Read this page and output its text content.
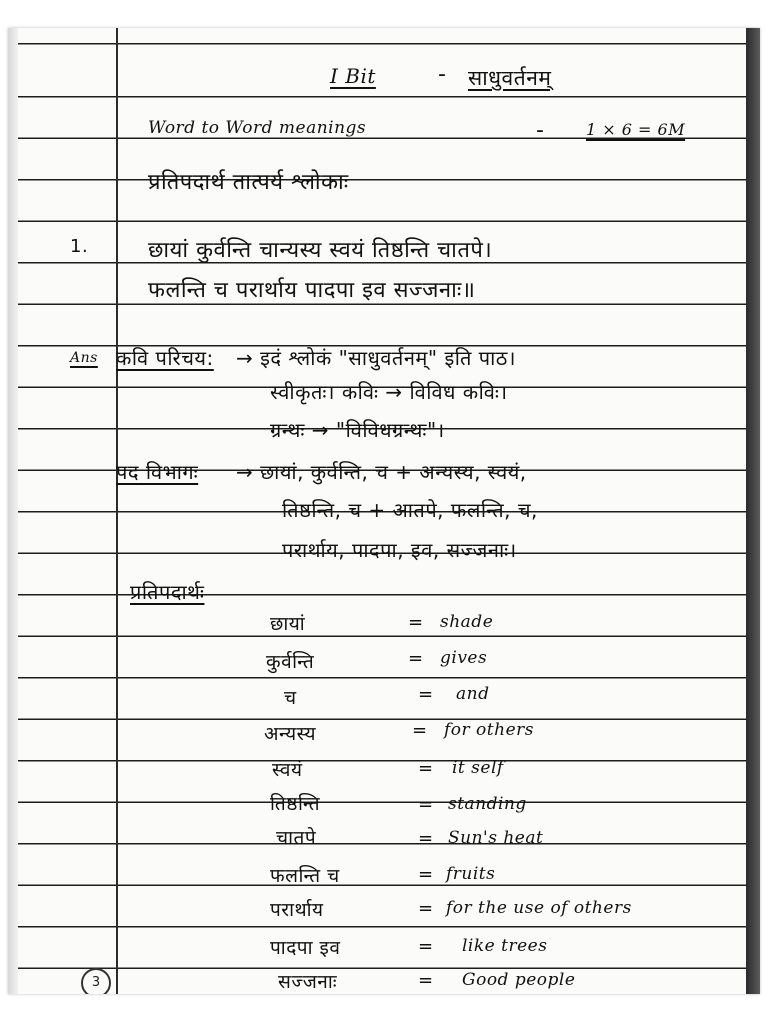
I Bit	- साधुवर्तनम्
Word to Word meanings	-	1 × 6 = 6M
प्रतिपदार्थ तात्पर्य श्लोकाः
1.	छायां कुर्वन्ति चान्यस्य स्वयं तिष्ठन्ति चातपे।
फलन्ति च परार्थाय पादपा इव सज्जनाः॥
Ans कवि परिचय: → इदं श्लोकं "साधुवर्तनम्" इति पाठ।
स्वीकृतः। कविः → विविध कविः।
ग्रन्थः → "विविधग्रन्थः"।
पद विभागः → छायां, कुर्वन्ति, च + अन्यस्य, स्वयं,
तिष्ठन्ति, च + आतपे, फलन्ति, च,
परार्थाय, पादपा, इव, सज्जनाः।
प्रतिपदार्थः
छायां	= shade
कुर्वन्ति	= gives
च	= and
अन्यस्य	= for others
स्वयं	= it self
तिष्ठन्ति	= standing
चातपे	= Sun's heat
फलन्ति च	= fruits
परार्थाय	= for the use of others
पादपा इव	= like trees
सज्जनाः	= Good people
3
